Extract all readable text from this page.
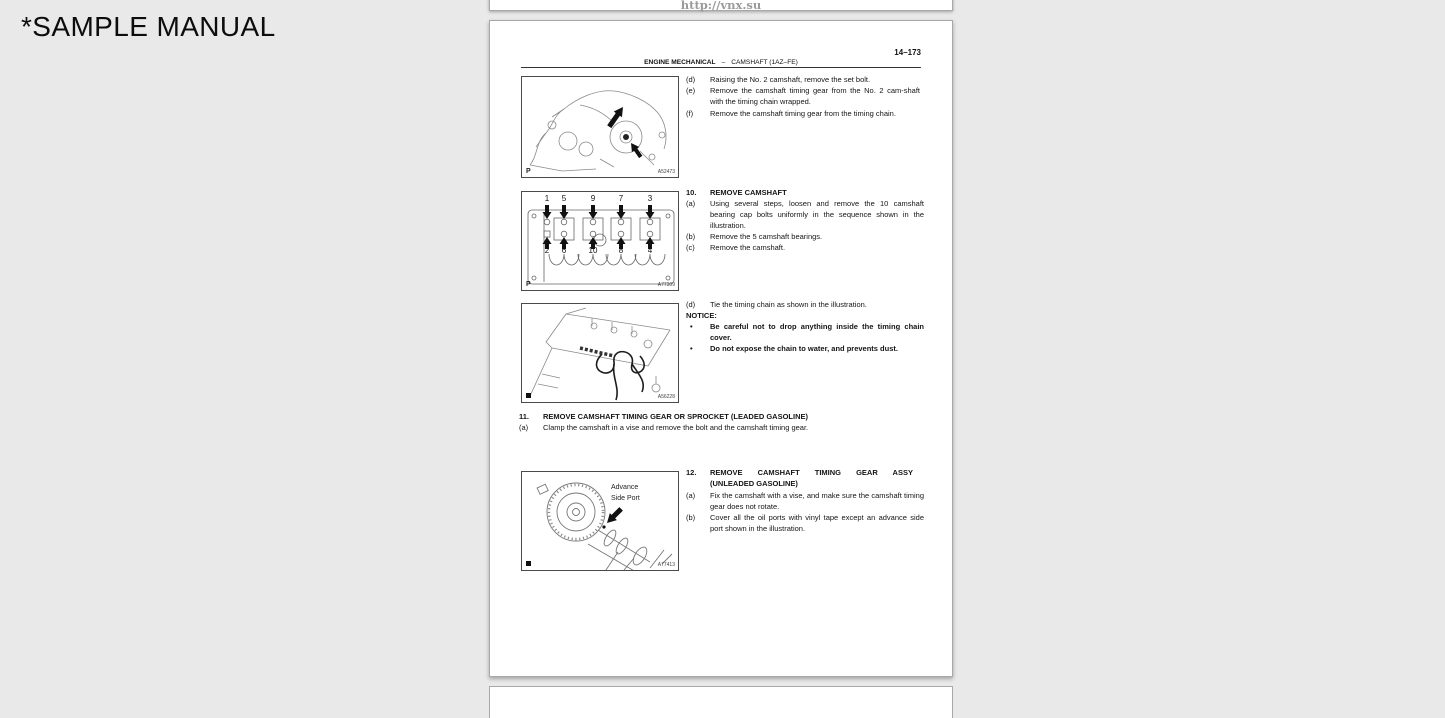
*SAMPLE MANUAL
http://vnx.su
14–173
ENGINE MECHANICAL – CAMSHAFT (1AZ–FE)
P	A52473
1	5	9	7	3
2	6	10	8	4
P	A77309
A56228
Advance
Side Port
A77413
(d) Raising the No. 2 camshaft, remove the set bolt.
(e) Remove the camshaft timing gear from the No. 2 cam-shaft with the timing chain wrapped.
(f) Remove the camshaft timing gear from the timing chain.
10. REMOVE CAMSHAFT
(a) Using several steps, loosen and remove the 10 camshaft bearing cap bolts uniformly in the sequence shown in the illustration.
(b) Remove the 5 camshaft bearings.
(c) Remove the camshaft.
(d) Tie the timing chain as shown in the illustration.
NOTICE:
• Be careful not to drop anything inside the timing chain cover.
• Do not expose the chain to water, and prevents dust.
11. REMOVE CAMSHAFT TIMING GEAR OR SPROCKET (LEADED GASOLINE)
(a) Clamp the camshaft in a vise and remove the bolt and the camshaft timing gear.
12. REMOVE CAMSHAFT TIMING GEAR ASSY
(UNLEADED GASOLINE)
(a) Fix the camshaft with a vise, and make sure the camshaft timing gear does not rotate.
(b) Cover all the oil ports with vinyl tape except an advance side port shown in the illustration.
